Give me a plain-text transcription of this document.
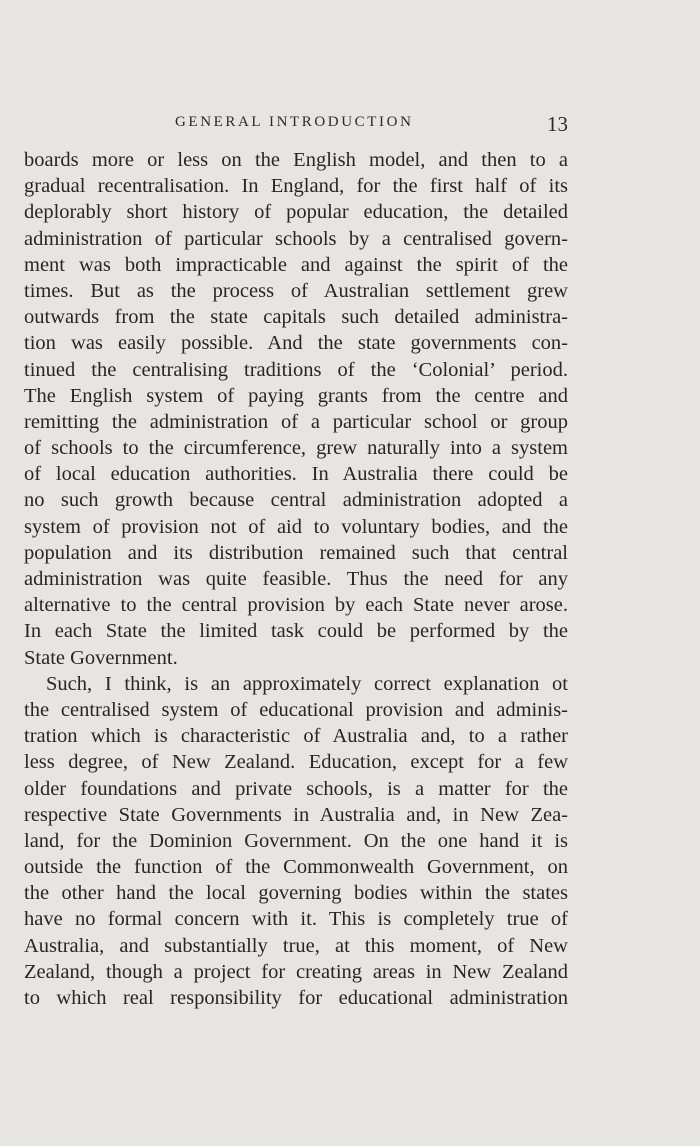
GENERAL INTRODUCTION	13
boards more or less on the English model, and then to a
gradual recentralisation. In England, for the first half of its
deplorably short history of popular education, the detailed
administration of particular schools by a centralised govern-
ment was both impracticable and against the spirit of the
times. But as the process of Australian settlement grew
outwards from the state capitals such detailed administra-
tion was easily possible. And the state governments con-
tinued the centralising traditions of the ‘Colonial’ period.
The English system of paying grants from the centre and
remitting the administration of a particular school or group
of schools to the circumference, grew naturally into a system
of local education authorities. In Australia there could be
no such growth because central administration adopted a
system of provision not of aid to voluntary bodies, and the
population and its distribution remained such that central
administration was quite feasible. Thus the need for any
alternative to the central provision by each State never arose.
In each State the limited task could be performed by the
State Government.
Such, I think, is an approximately correct explanation ot
the centralised system of educational provision and adminis-
tration which is characteristic of Australia and, to a rather
less degree, of New Zealand. Education, except for a few
older foundations and private schools, is a matter for the
respective State Governments in Australia and, in New Zea-
land, for the Dominion Government. On the one hand it is
outside the function of the Commonwealth Government, on
the other hand the local governing bodies within the states
have no formal concern with it. This is completely true of
Australia, and substantially true, at this moment, of New
Zealand, though a project for creating areas in New Zealand
to which real responsibility for educational administration
